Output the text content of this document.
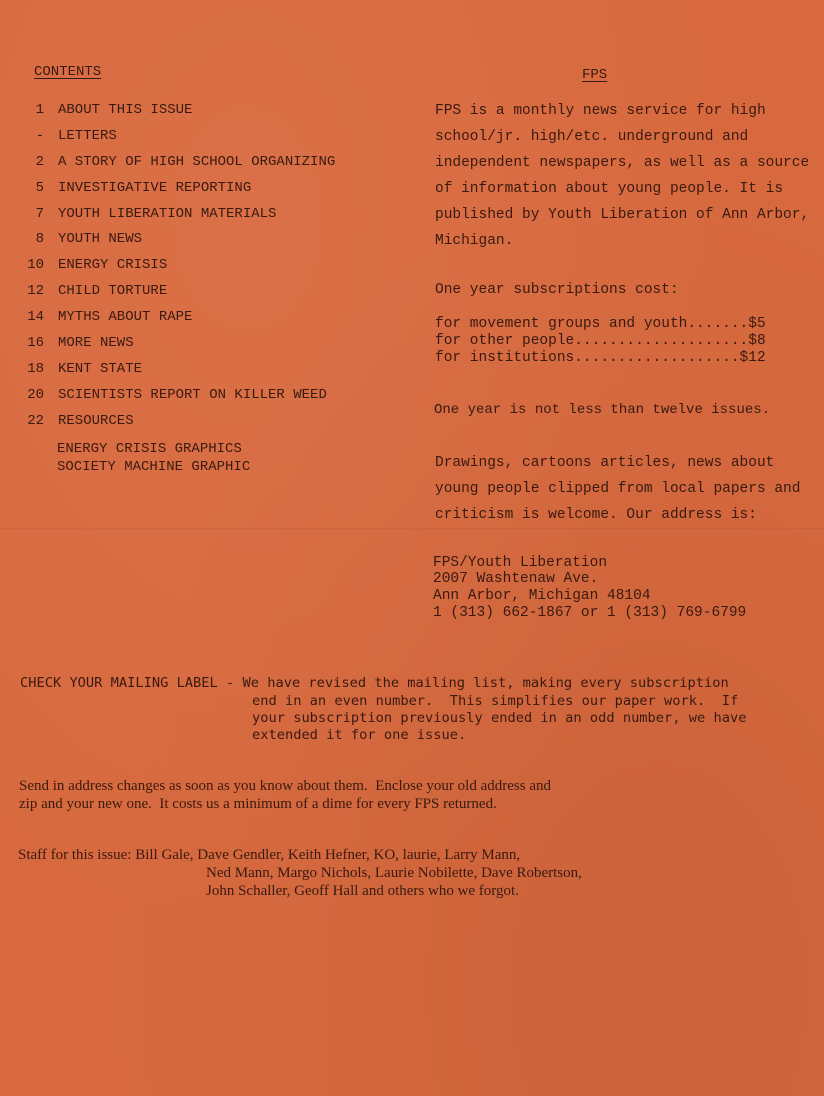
CONTENTS
1 ABOUT THIS ISSUE
- LETTERS
2 A STORY OF HIGH SCHOOL ORGANIZING
5 INVESTIGATIVE REPORTING
7 YOUTH LIBERATION MATERIALS
8 YOUTH NEWS
10 ENERGY CRISIS
12 CHILD TORTURE
14 MYTHS ABOUT RAPE
16 MORE NEWS
18 KENT STATE
20 SCIENTISTS REPORT ON KILLER WEED
22 RESOURCES
ENERGY CRISIS GRAPHICS
SOCIETY MACHINE GRAPHIC
FPS
FPS is a monthly news service for high school/jr. high/etc. underground and independent newspapers, as well as a source of information about young people. It is published by Youth Liberation of Ann Arbor, Michigan.
One year subscriptions cost:
for movement groups and youth.......$5
for other people....................$8
for institutions...................$12
One year is not less than twelve issues.
Drawings, cartoons articles, news about young people clipped from local papers and criticism is welcome. Our address is:
FPS/Youth Liberation
2007 Washtenaw Ave.
Ann Arbor, Michigan 48104
1 (313) 662-1867 or 1 (313) 769-6799
CHECK YOUR MAILING LABEL - We have revised the mailing list, making every subscription
end in an even number.  This simplifies our paper work.  If
your subscription previously ended in an odd number, we have
extended it for one issue.
Send in address changes as soon as you know about them.  Enclose your old address and
zip and your new one.  It costs us a minimum of a dime for every FPS returned.
Staff for this issue: Bill Gale, Dave Gendler, Keith Hefner, KO, laurie, Larry Mann,
Ned Mann, Margo Nichols, Laurie Nobilette, Dave Robertson,
John Schaller, Geoff Hall and others who we forgot.
